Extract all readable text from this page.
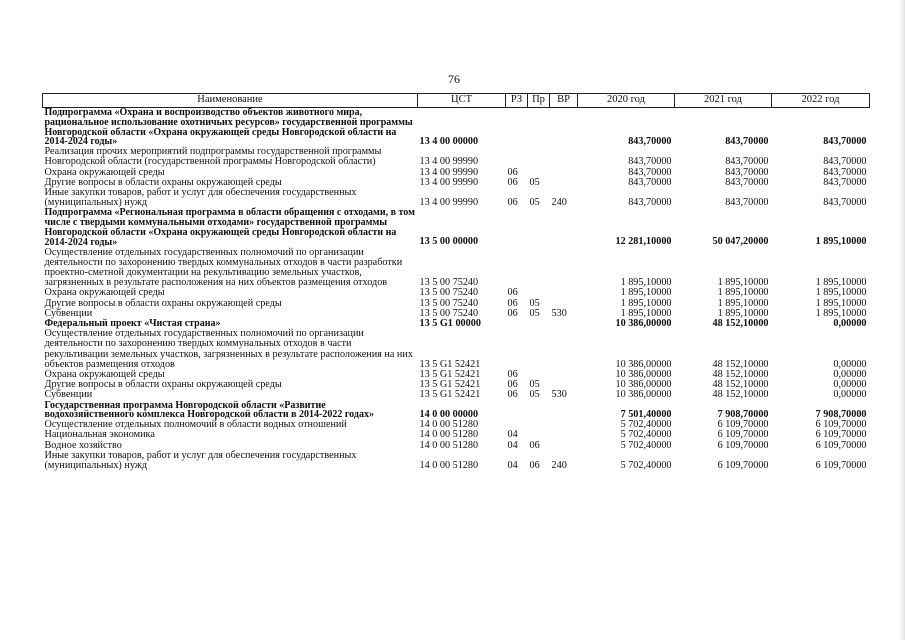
76
Наименование	ЦСТ	РЗ	Пр	ВР	2020 год	2021 год	2022 год
Подпрограмма «Охрана и воспроизводство объектов животного мира, рациональное использование охотничьих ресурсов» государственной программы Новгородской области «Охрана окружающей среды Новгородской области на 2014-2024 годы»	13 4 00 00000				843,70000	843,70000	843,70000
Реализация прочих мероприятий подпрограммы государственной программы Новгородской области (государственной программы Новгородской области)	13 4 00 99990				843,70000	843,70000	843,70000
Охрана окружающей среды	13 4 00 99990	06			843,70000	843,70000	843,70000
Другие вопросы в области охраны окружающей среды	13 4 00 99990	06	05		843,70000	843,70000	843,70000
Иные закупки товаров, работ и услуг для обеспечения государственных (муниципальных) нужд	13 4 00 99990	06	05	240	843,70000	843,70000	843,70000
Подпрограмма «Региональная программа в области обращения с отходами, в том числе с твердыми коммунальными отходами» государственной программы Новгородской области «Охрана окружающей среды Новгородской области на 2014-2024 годы»	13 5 00 00000				12 281,10000	50 047,20000	1 895,10000
Осуществление отдельных государственных полномочий по организации деятельности по захоронению твердых коммунальных отходов в части разработки проектно-сметной документации на рекультивацию земельных участков, загрязненных в результате расположения на них объектов размещения отходов	13 5 00 75240				1 895,10000	1 895,10000	1 895,10000
Охрана окружающей среды	13 5 00 75240	06			1 895,10000	1 895,10000	1 895,10000
Другие вопросы в области охраны окружающей среды	13 5 00 75240	06	05		1 895,10000	1 895,10000	1 895,10000
Субвенции	13 5 00 75240	06	05	530	1 895,10000	1 895,10000	1 895,10000
Федеральный проект «Чистая страна»	13 5 G1 00000				10 386,00000	48 152,10000	0,00000
Осуществление отдельных государственных полномочий по организации деятельности по захоронению твердых коммунальных отходов в части рекультивации земельных участков, загрязненных в результате расположения на них объектов размещения отходов	13 5 G1 52421				10 386,00000	48 152,10000	0,00000
Охрана окружающей среды	13 5 G1 52421	06			10 386,00000	48 152,10000	0,00000
Другие вопросы в области охраны окружающей среды	13 5 G1 52421	06	05		10 386,00000	48 152,10000	0,00000
Субвенции	13 5 G1 52421	06	05	530	10 386,00000	48 152,10000	0,00000
Государственная программа Новгородской области «Развитие водохозяйственного комплекса Новгородской области в 2014-2022 годах»	14 0 00 00000				7 501,40000	7 908,70000	7 908,70000
Осуществление отдельных полномочий в области водных отношений	14 0 00 51280				5 702,40000	6 109,70000	6 109,70000
Национальная экономика	14 0 00 51280	04			5 702,40000	6 109,70000	6 109,70000
Водное хозяйство	14 0 00 51280	04	06		5 702,40000	6 109,70000	6 109,70000
Иные закупки товаров, работ и услуг для обеспечения государственных (муниципальных) нужд	14 0 00 51280	04	06	240	5 702,40000	6 109,70000	6 109,70000
